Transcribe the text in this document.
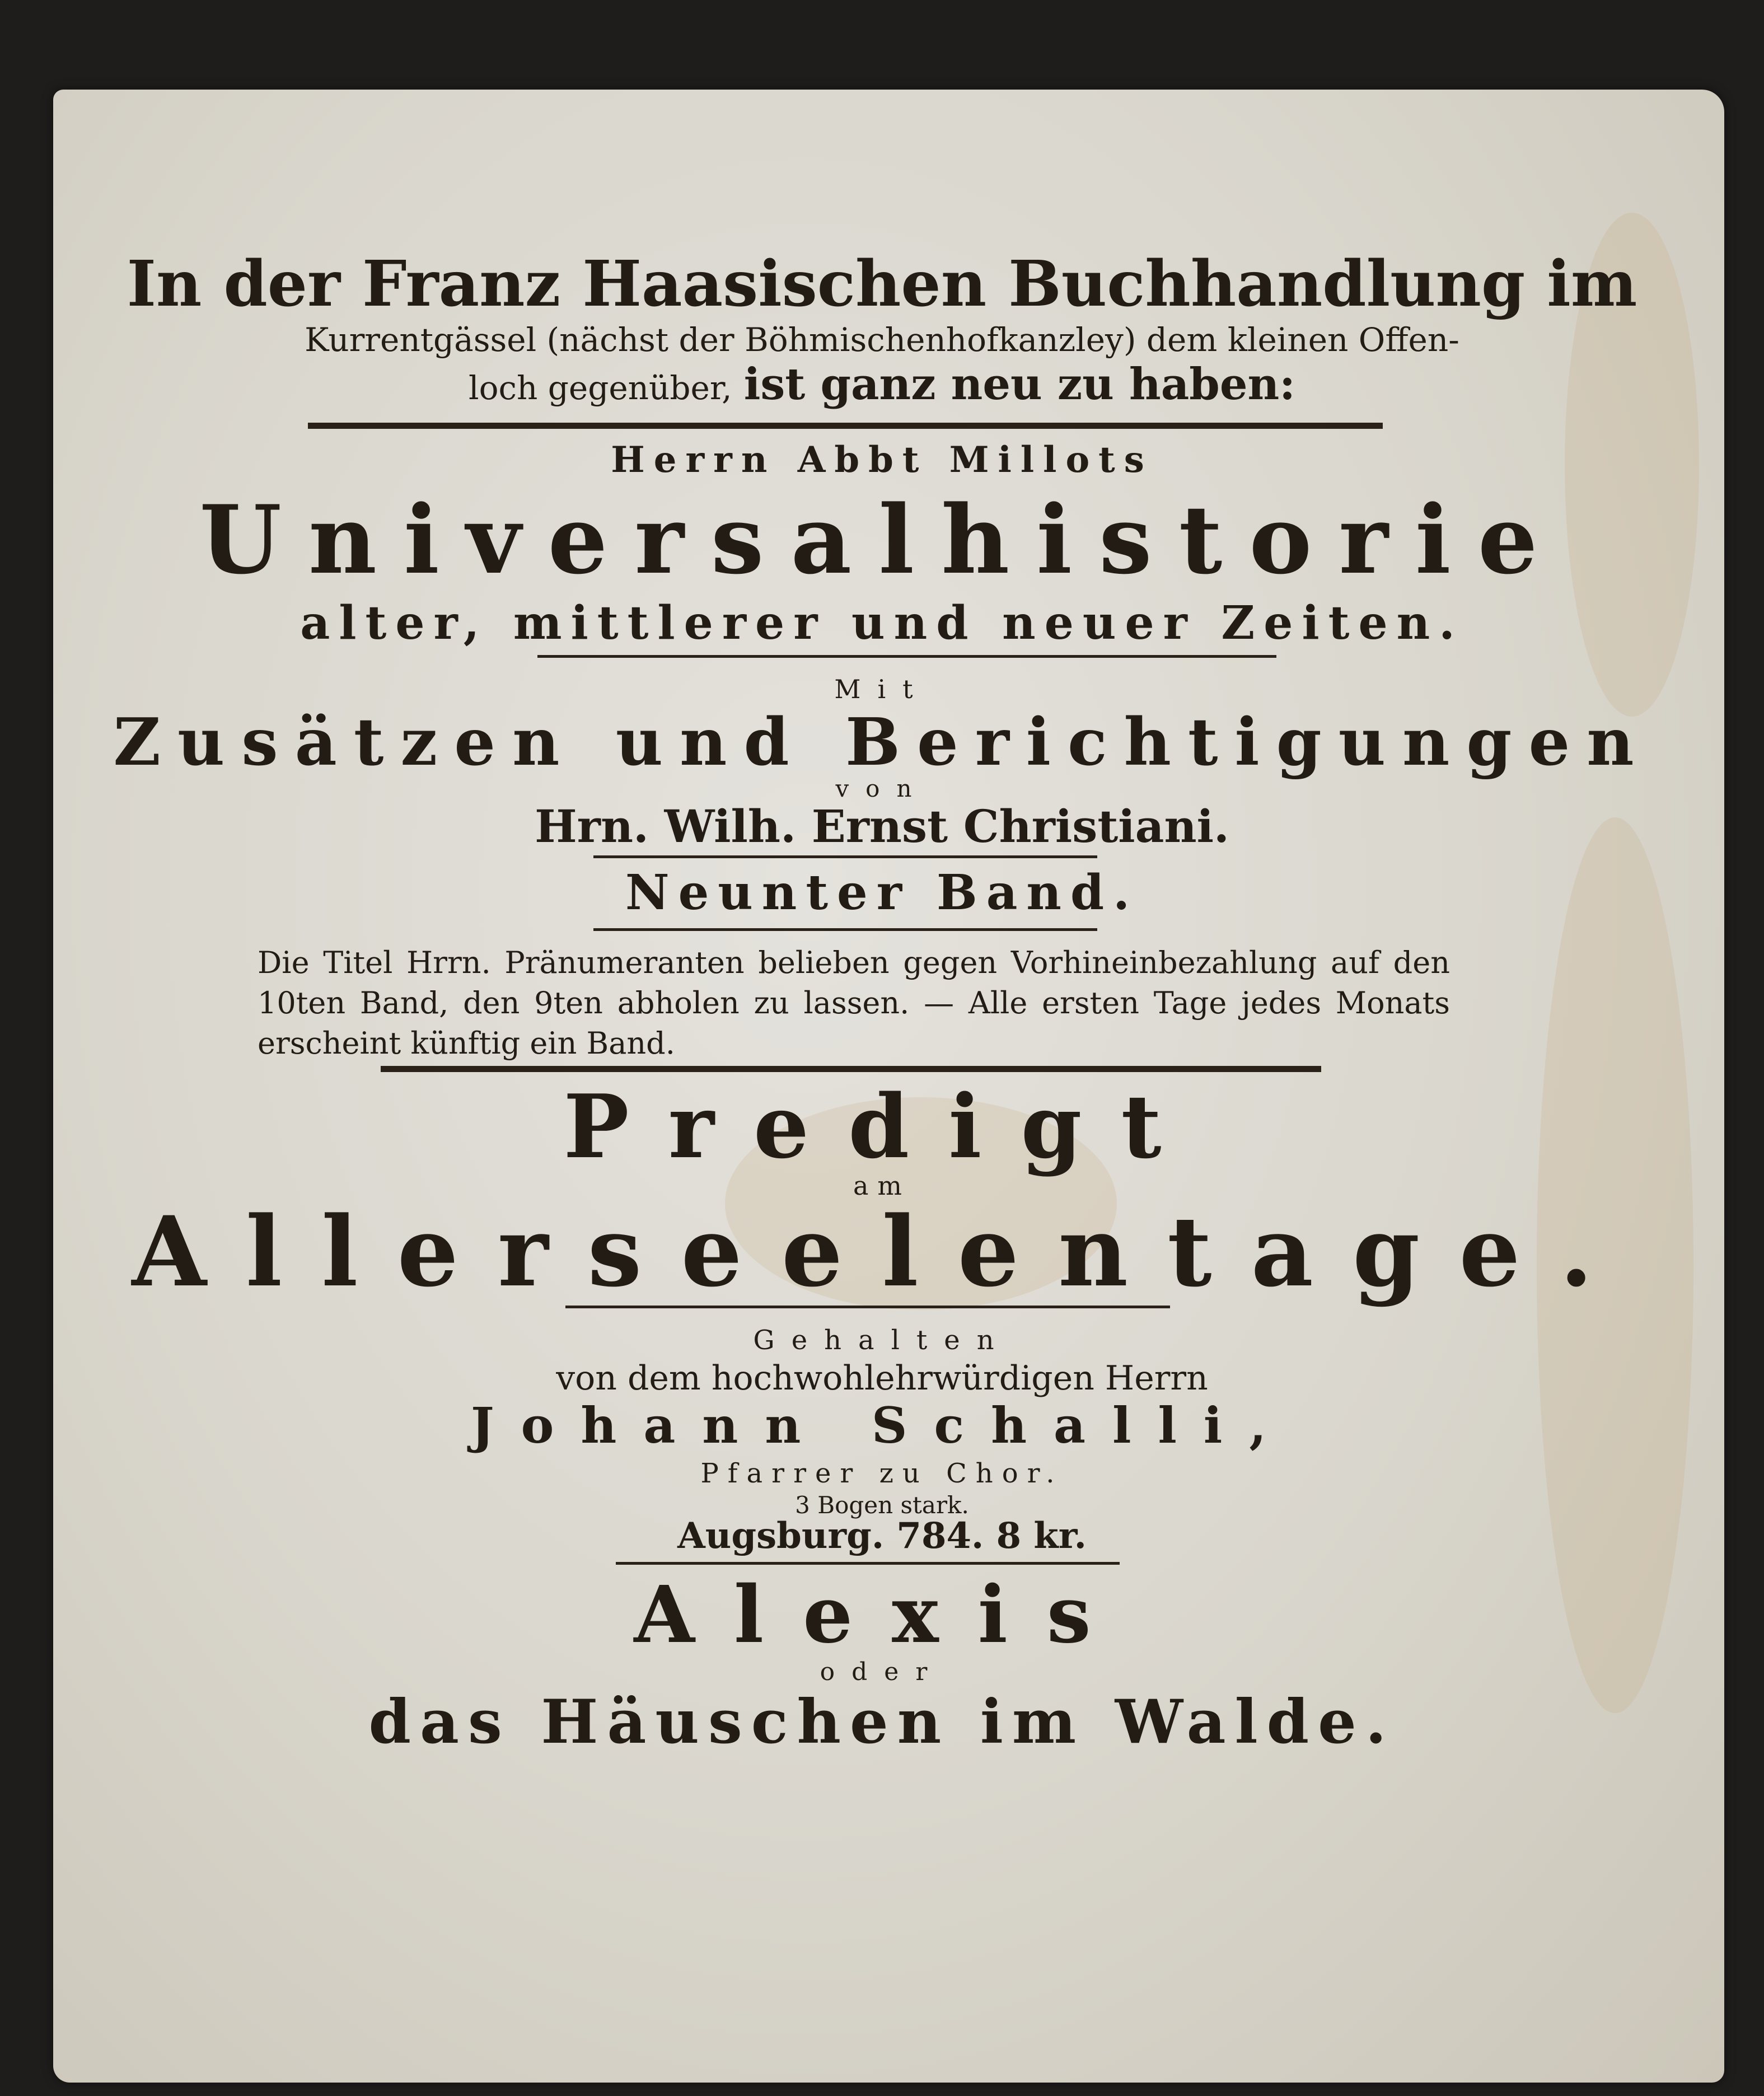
In der Franz Haasischen Buchhandlung im
Kurrentgässel (nächst der Böhmischenhofkanzley) dem kleinen Offen-
loch gegenüber, ist ganz neu zu haben:
Herrn Abbt Millots
Universalhistorie
alter, mittlerer und neuer Zeiten.
Mit
Zusätzen und Berichtigungen
von
Hrn. Wilh. Ernst Christiani.
Neunter Band.
Die Titel Hrrn. Pränumeranten belieben gegen Vorhineinbezahlung auf den 10ten Band, den 9ten abholen zu lassen. — Alle ersten Tage jedes Monats erscheint künftig ein Band.
Predigt
am
Allerseelentage.
Gehalten
von dem hochwohlehrwürdigen Herrn
Johann Schalli,
Pfarrer zu Chor.
3 Bogen stark.
Augsburg. 784. 8 kr.
Alexis
oder
das Häuschen im Walde.
